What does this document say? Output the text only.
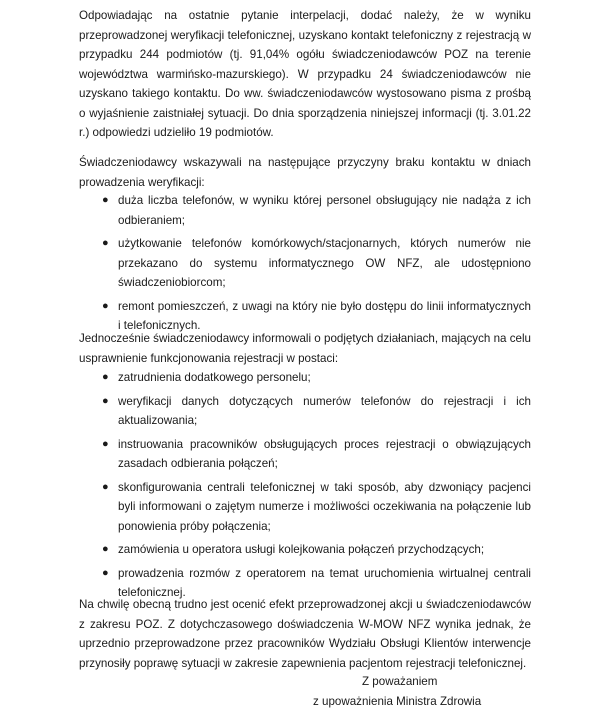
Odpowiadając na ostatnie pytanie interpelacji, dodać należy, że w wyniku przeprowadzonej weryfikacji telefonicznej, uzyskano kontakt telefoniczny z rejestracją w przypadku 244 podmiotów (tj. 91,04% ogółu świadczeniodawców POZ na terenie województwa warmińsko-mazurskiego). W przypadku 24 świadczeniodawców nie uzyskano takiego kontaktu. Do ww. świadczeniodawców wystosowano pisma z prośbą o wyjaśnienie zaistniałej sytuacji. Do dnia sporządzenia niniejszej informacji (tj. 3.01.22 r.) odpowiedzi udzieliło 19 podmiotów.

Świadczeniodawcy wskazywali na następujące przyczyny braku kontaktu w dniach prowadzenia weryfikacji:

● duża liczba telefonów, w wyniku której personel obsługujący nie nadąża z ich odbieraniem;
● użytkowanie telefonów komórkowych/stacjonarnych, których numerów nie przekazano do systemu informatycznego OW NFZ, ale udostępniono świadczeniobiorcom;
● remont pomieszczeń, z uwagi na który nie było dostępu do linii informatycznych i telefonicznych.

Jednocześnie świadczeniodawcy informowali o podjętych działaniach, mających na celu usprawnienie funkcjonowania rejestracji w postaci:

● zatrudnienia dodatkowego personelu;
● weryfikacji danych dotyczących numerów telefonów do rejestracji i ich aktualizowania;
● instruowania pracowników obsługujących proces rejestracji o obwiązujących zasadach odbierania połączeń;
● skonfigurowania centrali telefonicznej w taki sposób, aby dzwoniący pacjenci byli informowani o zajętym numerze i możliwości oczekiwania na połączenie lub ponowienia próby połączenia;
● zamówienia u operatora usługi kolejkowania połączeń przychodzących;
● prowadzenia rozmów z operatorem na temat uruchomienia wirtualnej centrali telefonicznej.

Na chwilę obecną trudno jest ocenić efekt przeprowadzonej akcji u świadczeniodawców z zakresu POZ. Z dotychczasowego doświadczenia W-MOW NFZ wynika jednak, że uprzednio przeprowadzone przez pracowników Wydziału Obsługi Klientów interwencje przynosiły poprawę sytuacji w zakresie zapewnienia pacjentom rejestracji telefonicznej.

Z poważaniem

z upoważnienia Ministra Zdrowia
